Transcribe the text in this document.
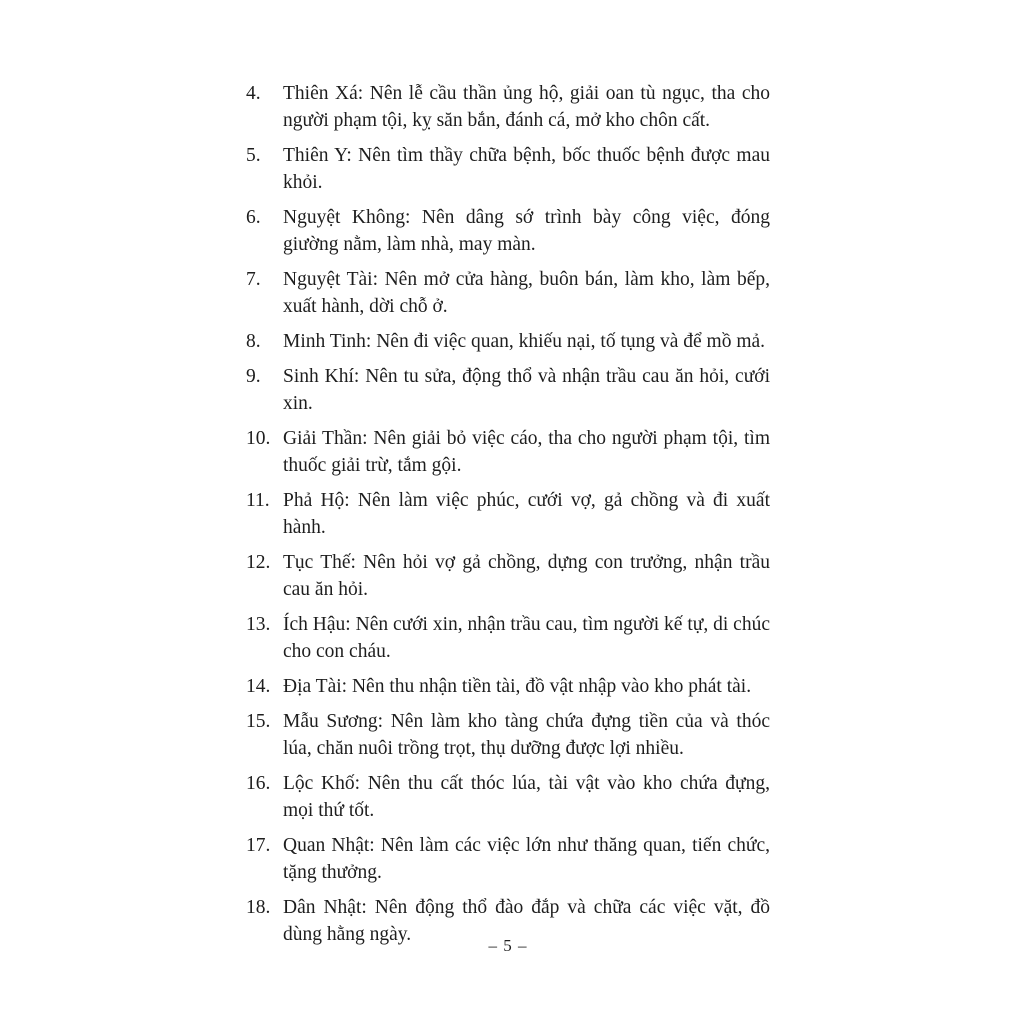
4. Thiên Xá: Nên lễ cầu thần ủng hộ, giải oan tù ngục, tha cho người phạm tội, kỵ săn bắn, đánh cá, mở kho chôn cất.
5. Thiên Y: Nên tìm thầy chữa bệnh, bốc thuốc bệnh được mau khỏi.
6. Nguyệt Không: Nên dâng sớ trình bày công việc, đóng giường nằm, làm nhà, may màn.
7. Nguyệt Tài: Nên mở cửa hàng, buôn bán, làm kho, làm bếp, xuất hành, dời chỗ ở.
8. Minh Tinh: Nên đi việc quan, khiếu nại, tố tụng và để mồ mả.
9. Sinh Khí: Nên tu sửa, động thổ và nhận trầu cau ăn hỏi, cưới xin.
10. Giải Thần: Nên giải bỏ việc cáo, tha cho người phạm tội, tìm thuốc giải trừ, tắm gội.
11. Phả Hộ: Nên làm việc phúc, cưới vợ, gả chồng và đi xuất hành.
12. Tục Thế: Nên hỏi vợ gả chồng, dựng con trưởng, nhận trầu cau ăn hỏi.
13. Ích Hậu: Nên cưới xin, nhận trầu cau, tìm người kế tự, di chúc cho con cháu.
14. Địa Tài: Nên thu nhận tiền tài, đồ vật nhập vào kho phát tài.
15. Mẫu Sương: Nên làm kho tàng chứa đựng tiền của và thóc lúa, chăn nuôi trồng trọt, thụ dưỡng được lợi nhiều.
16. Lộc Khố: Nên thu cất thóc lúa, tài vật vào kho chứa đựng, mọi thứ tốt.
17. Quan Nhật: Nên làm các việc lớn như thăng quan, tiến chức, tặng thưởng.
18. Dân Nhật: Nên động thổ đào đắp và chữa các việc vặt, đồ dùng hằng ngày.
– 5 –
